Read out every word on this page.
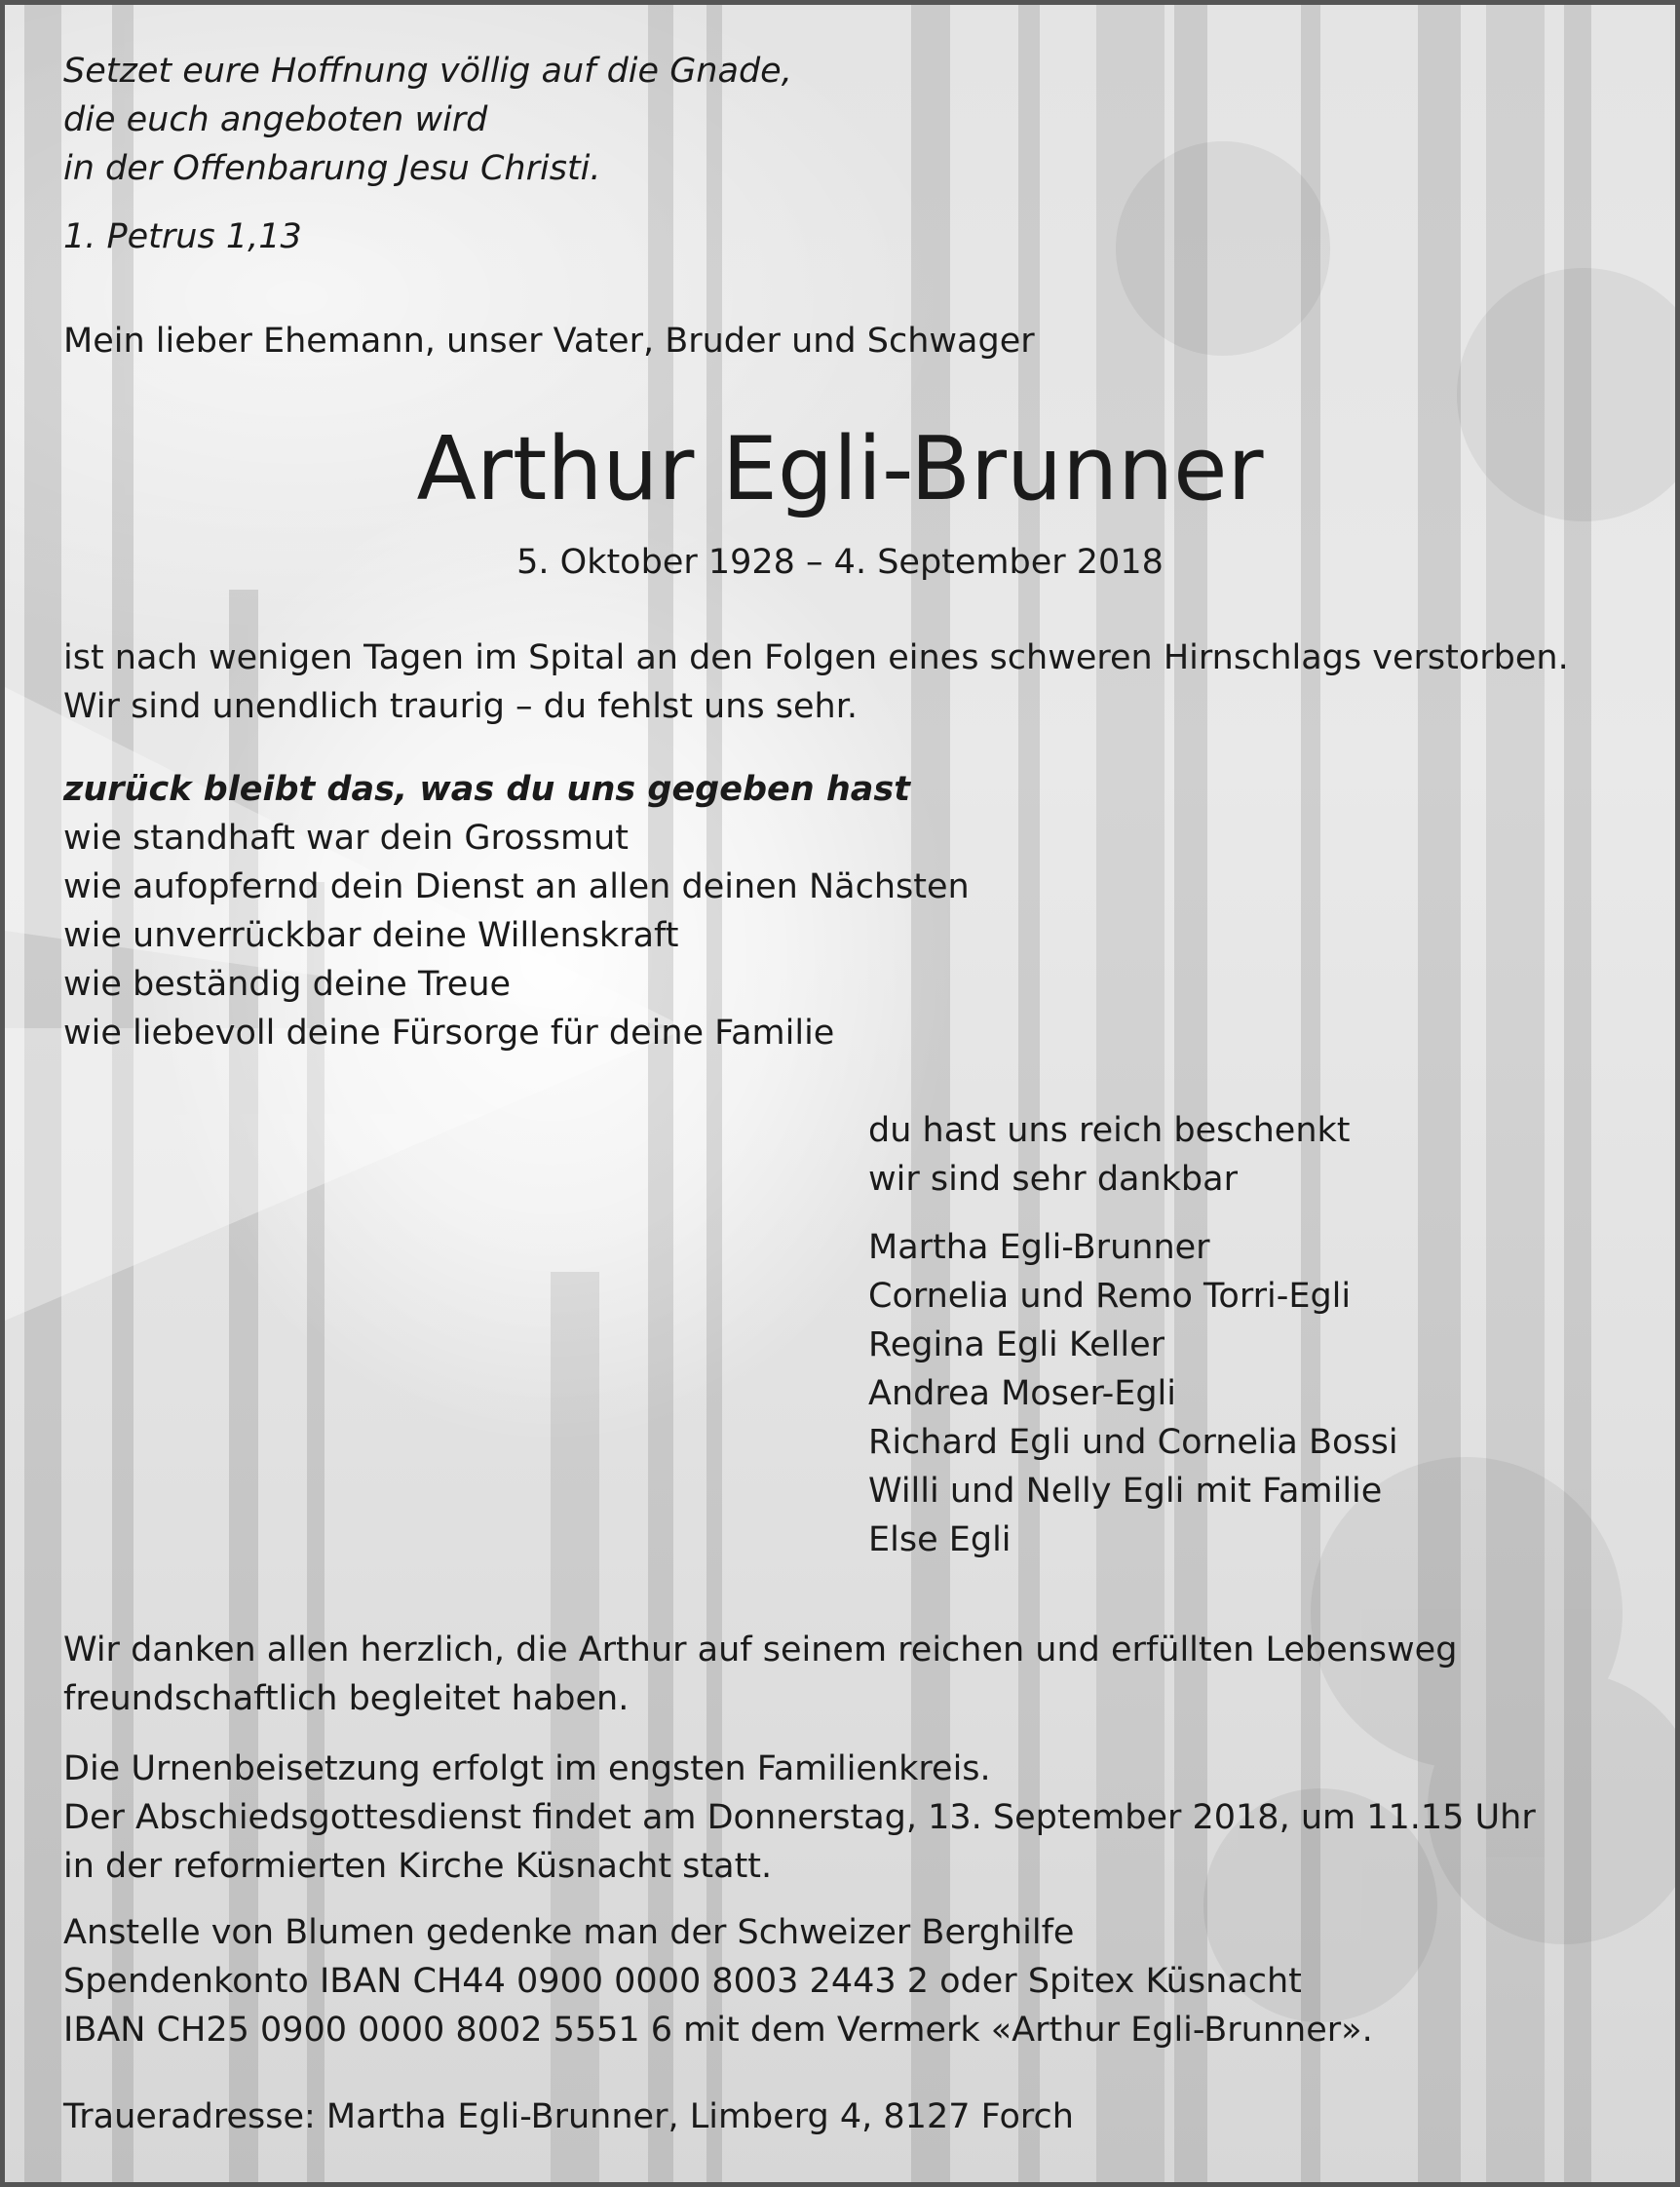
Setzet eure Hoffnung völlig auf die Gnade,
die euch angeboten wird
in der Offenbarung Jesu Christi.

1. Petrus 1,13

Mein lieber Ehemann, unser Vater, Bruder und Schwager

Arthur Egli-Brunner

5. Oktober 1928 – 4. September 2018

ist nach wenigen Tagen im Spital an den Folgen eines schweren Hirnschlags verstorben.
Wir sind unendlich traurig – du fehlst uns sehr.

zurück bleibt das, was du uns gegeben hast

wie standhaft war dein Grossmut
wie aufopfernd dein Dienst an allen deinen Nächsten
wie unverrückbar deine Willenskraft
wie beständig deine Treue
wie liebevoll deine Fürsorge für deine Familie
du hast uns reich beschenkt
wir sind sehr dankbar
Martha Egli-Brunner
Cornelia und Remo Torri-Egli
Regina Egli Keller
Andrea Moser-Egli
Richard Egli und Cornelia Bossi
Willi und Nelly Egli mit Familie
Else Egli
Wir danken allen herzlich, die Arthur auf seinem reichen und erfüllten Lebensweg
freundschaftlich begleitet haben.
Die Urnenbeisetzung erfolgt im engsten Familienkreis.
Der Abschiedsgottesdienst findet am Donnerstag, 13. September 2018, um 11.15 Uhr
in der reformierten Kirche Küsnacht statt.
Anstelle von Blumen gedenke man der Schweizer Berghilfe
Spendenkonto IBAN CH44 0900 0000 8003 2443 2 oder Spitex Küsnacht
IBAN CH25 0900 0000 8002 5551 6 mit dem Vermerk «Arthur Egli-Brunner».

Traueradresse: Martha Egli-Brunner, Limberg 4, 8127 Forch
